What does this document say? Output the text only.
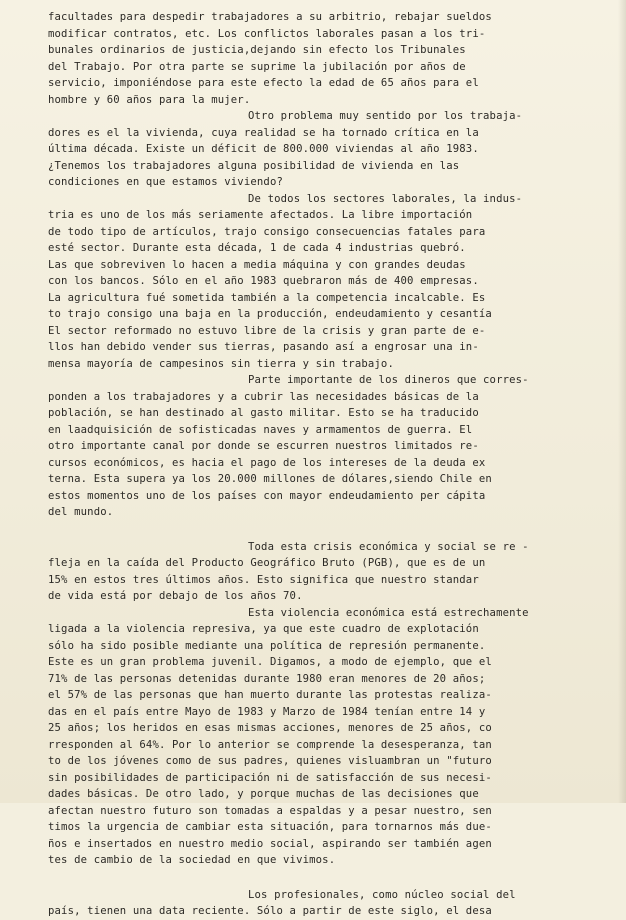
facultades para despedir trabajadores a su arbitrio, rebajar sueldos
modificar contratos, etc. Los conflictos laborales pasan a los tri-
bunales ordinarios de justicia,dejando sin efecto los Tribunales
del Trabajo. Por otra parte se suprime la jubilación por años de
servicio, imponiéndose para este efecto la edad de 65 años para el
hombre y 60 años para la mujer.
Otro problema muy sentido por los trabaja-
dores es el la vivienda, cuya realidad se ha tornado crítica en la
última década. Existe un déficit de 800.000 viviendas al año 1983.
¿Tenemos los trabajadores alguna posibilidad de vivienda en las
condiciones en que estamos viviendo?
De todos los sectores laborales, la indus-
tria es uno de los más seriamente afectados. La libre importación
de todo tipo de artículos, trajo consigo consecuencias fatales para
esté sector. Durante esta década, 1 de cada 4 industrias quebró.
Las que sobreviven lo hacen a media máquina y con grandes deudas
con los bancos. Sólo en el año 1983 quebraron más de 400 empresas.
La agricultura fué sometida también a la competencia incalcable. Es
to trajo consigo una baja en la producción, endeudamiento y cesantía
El sector reformado no estuvo libre de la crisis y gran parte de e-
llos han debido vender sus tierras, pasando así a engrosar una in-
mensa mayoría de campesinos sin tierra y sin trabajo.
Parte importante de los dineros que corres-
ponden a los trabajadores y a cubrir las necesidades básicas de la
población, se han destinado al gasto militar. Esto se ha traducido
en laadquisición de sofisticadas naves y armamentos de guerra. El
otro importante canal por donde se escurren nuestros limitados re-
cursos económicos, es hacia el pago de los intereses de la deuda ex
terna. Esta supera ya los 20.000 millones de dólares,siendo Chile en
estos momentos uno de los países con mayor endeudamiento per cápita
del mundo.
Toda esta crisis económica y social se re -
fleja en la caída del Producto Geográfico Bruto (PGB), que es de un
15% en estos tres últimos años. Esto significa que nuestro standar
de vida está por debajo de los años 70.
Esta violencia económica está estrechamente
ligada a la violencia represiva, ya que este cuadro de explotación
sólo ha sido posible mediante una política de represión permanente.
Este es un gran problema juvenil. Digamos, a modo de ejemplo, que el
71% de las personas detenidas durante 1980 eran menores de 20 años;
el 57% de las personas que han muerto durante las protestas realiza-
das en el país entre Mayo de 1983 y Marzo de 1984 tenían entre 14 y
25 años; los heridos en esas mismas acciones, menores de 25 años, co
rresponden al 64%. Por lo anterior se comprende la desesperanza, tan
to de los jóvenes como de sus padres, quienes visluambran un "futuro
sin posibilidades de participación ni de satisfacción de sus necesi-
dades básicas. De otro lado, y porque muchas de las decisiones que
afectan nuestro futuro son tomadas a espaldas y a pesar nuestro, sen
timos la urgencia de cambiar esta situación, para tornarnos más due-
ños e insertados en nuestro medio social, aspirando ser también agen
tes de cambio de la sociedad en que vivimos.
Los profesionales, como núcleo social del
país, tienen una data reciente. Sólo a partir de este siglo, el desa
